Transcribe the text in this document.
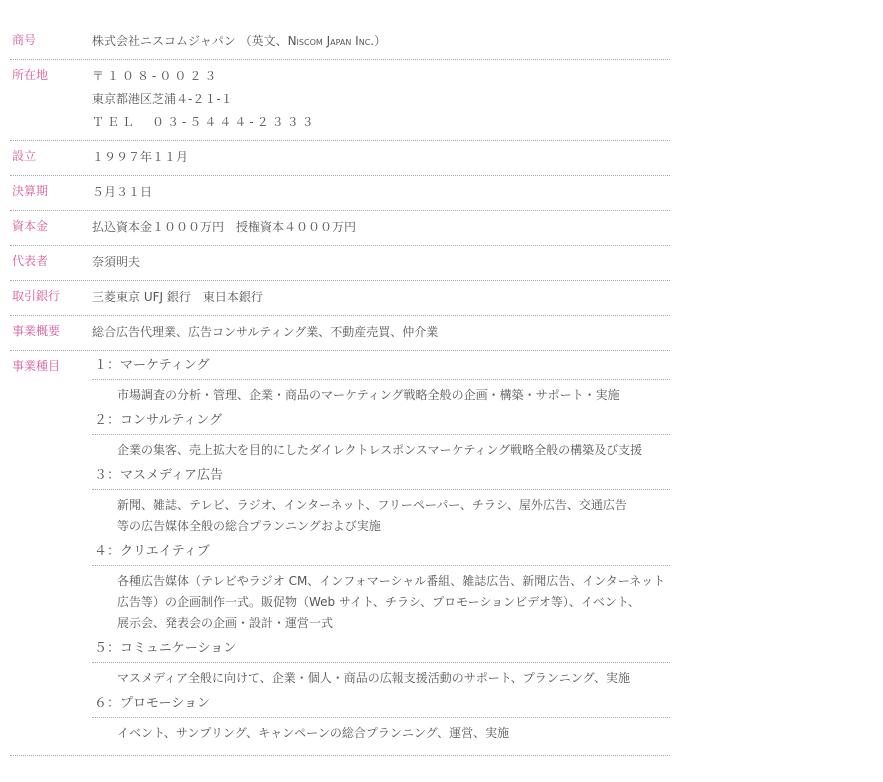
商号	株式会社ニスコムジャパン （英文、Niscom Japan Inc.）
所在地	〒１０８-００２３
東京都港区芝浦４-２１-１
ＴＥＬ　０３-５４４４-２３３３
設立	１９９７年１１月
決算期	５月３１日
資本金	払込資本金１０００万円　授権資本４０００万円
代表者	奈須明夫
取引銀行	三菱東京 UFJ 銀行　東日本銀行
事業概要	総合広告代理業、広告コンサルティング業、不動産売買、仲介業
事業種目	１：マーケティング
市場調査の分析・管理、企業・商品のマーケティング戦略全般の企画・構築・サポート・実施
２：コンサルティング
企業の集客、売上拡大を目的にしたダイレクトレスポンスマーケティング戦略全般の構築及び支援
３：マスメディア広告
新聞、雑誌、テレビ、ラジオ、インターネット、フリーペーパー、チラシ、屋外広告、交通広告
等の広告媒体全般の総合プランニングおよび実施
４：クリエイティブ
各種広告媒体（テレビやラジオ CM、インフォマーシャル番組、雑誌広告、新聞広告、インターネット
広告等）の企画制作一式。販促物（Web サイト、チラシ、プロモーションビデオ等）、イベント、
展示会、発表会の企画・設計・運営一式
５：コミュニケーション
マスメディア全般に向けて、企業・個人・商品の広報支援活動のサポート、プランニング、実施
６：プロモーション
イベント、サンプリング、キャンペーンの総合プランニング、運営、実施
